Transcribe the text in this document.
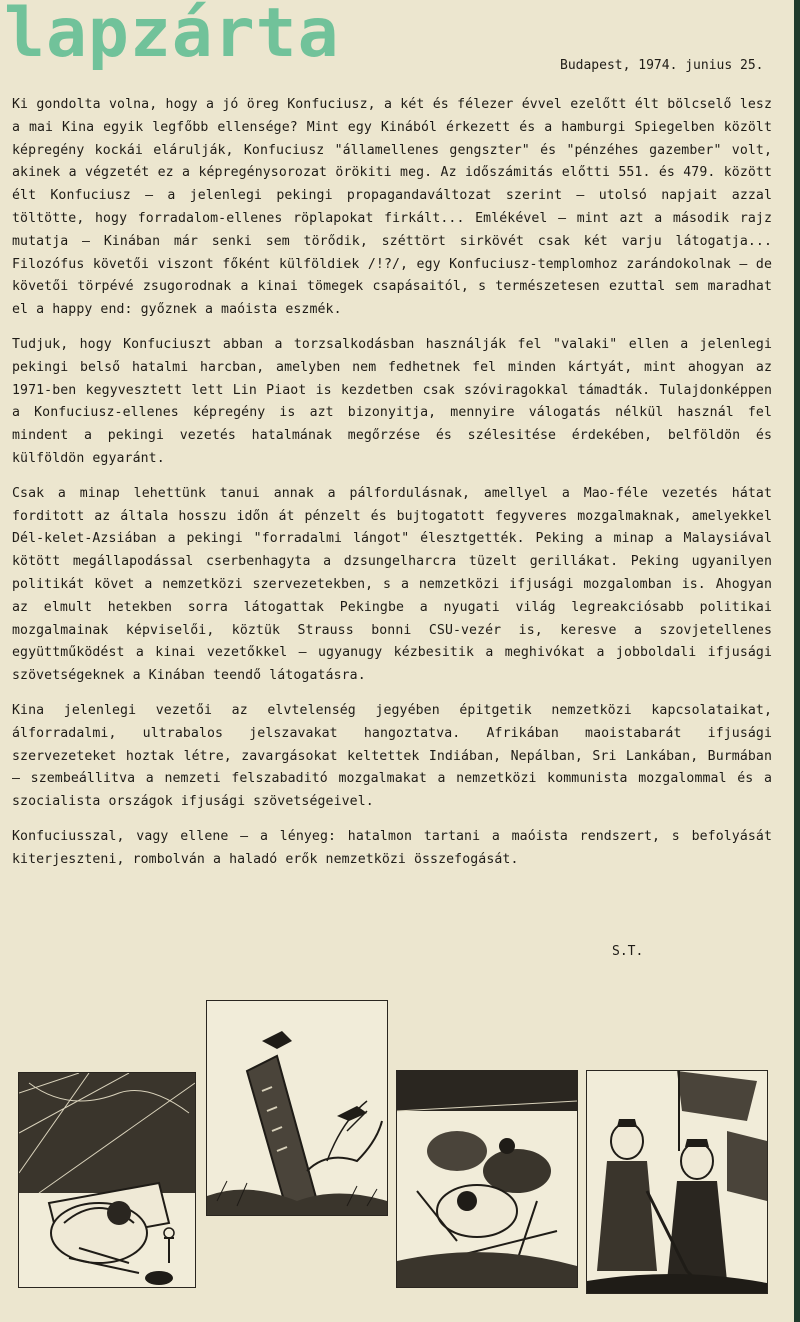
lapzárta	Budapest, 1974. junius 25.

Ki gondolta volna, hogy a jó öreg Konfuciusz, a két és félezer évvel ezelőtt élt bölcselő lesz a mai Kina egyik legfőbb ellensége? Mint egy Kinából érkezett és a hamburgi Spiegelben közölt képregény kockái elárulják, Konfuciusz "államellenes gengszter" és "pénzéhes gazember" volt, akinek a végzetét ez a képregénysorozat örökiti meg. Az időszámitás előtti 551. és 479. között élt Konfuciusz – a jelenlegi pekingi propagandaváltozat szerint – utolsó napjait azzal töltötte, hogy forradalom-ellenes röplapokat firkált... Emlékével – mint azt a második rajz mutatja – Kinában már senki sem törődik, széttört sirkövét csak két varju látogatja... Filozófus követői viszont főként külföldiek /!?/, egy Konfuciusz-templomhoz zarándokolnak – de követői törpévé zsugorodnak a kinai tömegek csapásaitól, s természetesen ezuttal sem maradhat el a happy end: győznek a maóista eszmék.

Tudjuk, hogy Konfuciuszt abban a torzsalkodásban használják fel "valaki" ellen a jelenlegi pekingi belső hatalmi harcban, amelyben nem fedhetnek fel minden kártyát, mint ahogyan az 1971-ben kegyvesztett lett Lin Piaot is kezdetben csak szóviragokkal támadták. Tulajdonképpen a Konfuciusz-ellenes képregény is azt bizonyitja, mennyire válogatás nélkül használ fel mindent a pekingi vezetés hatalmának megőrzése és szélesitése érdekében, belföldön és külföldön egyaránt.

Csak a minap lehettünk tanui annak a pálfordulásnak, amellyel a Mao-féle vezetés hátat forditott az általa hosszu időn át pénzelt és bujtogatott fegyveres mozgalmaknak, amelyekkel Dél-kelet-Azsiában a pekingi "forradalmi lángot" élesztgették. Peking a minap a Malaysiával kötött megállapodással cserbenhagyta a dzsungelharcra tüzelt gerillákat. Peking ugyanilyen politikát követ a nemzetközi szervezetekben, s a nemzetközi ifjusági mozgalomban is. Ahogyan az elmult hetekben sorra látogattak Pekingbe a nyugati világ legreakciósabb politikai mozgalmainak képviselői, köztük Strauss bonni CSU-vezér is, keresve a szovjetellenes együttműködést a kinai vezetőkkel – ugyanugy kézbesitik a meghivókat a jobboldali ifjusági szövetségeknek a Kinában teendő látogatásra.

Kina jelenlegi vezetői az elvtelenség jegyében épitgetik nemzetközi kapcsolataikat, álforradalmi, ultrabalos jelszavakat hangoztatva. Afrikában maoistabarát ifjusági szervezeteket hoztak létre, zavargásokat keltettek Indiában, Nepálban, Sri Lankában, Burmában – szembeállitva a nemzeti felszabaditó mozgalmakat a nemzetközi kommunista mozgalommal és a szocialista országok ifjusági szövetségeivel.

Konfuciusszal, vagy ellene – a lényeg: hatalmon tartani a maóista rendszert, s befolyását kiterjeszteni, rombolván a haladó erők nemzetközi összefogását.

S.T.
